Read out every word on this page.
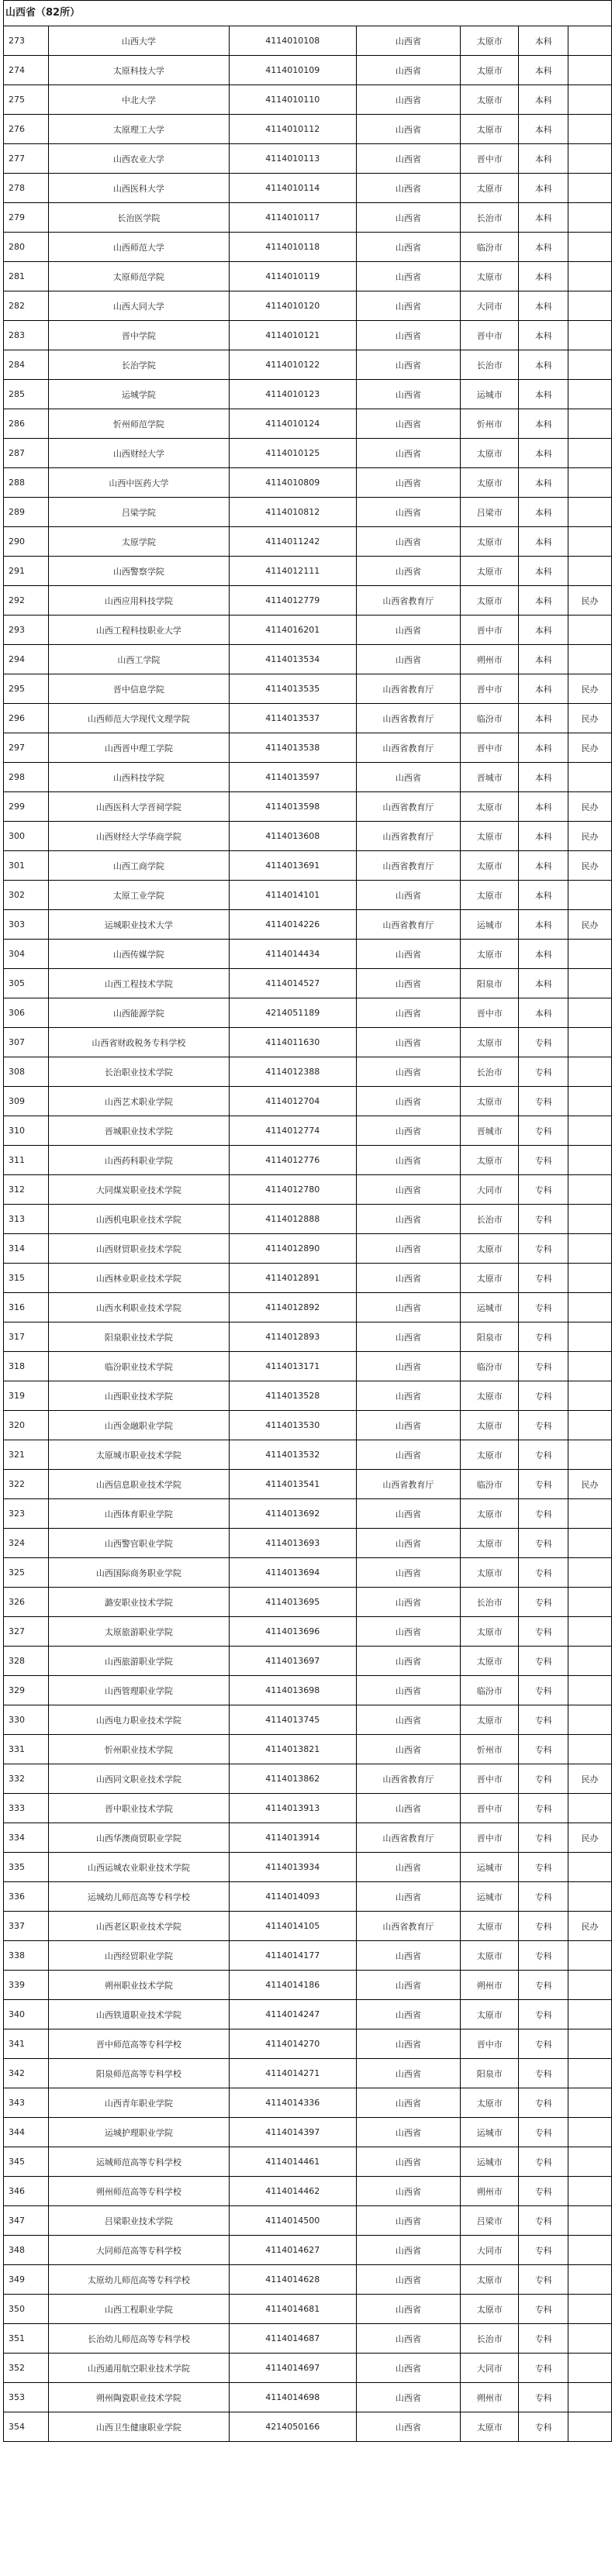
山西省（82所）
273	山西大学	4114010108	山西省	太原市	本科	
274	太原科技大学	4114010109	山西省	太原市	本科	
275	中北大学	4114010110	山西省	太原市	本科	
276	太原理工大学	4114010112	山西省	太原市	本科	
277	山西农业大学	4114010113	山西省	晋中市	本科	
278	山西医科大学	4114010114	山西省	太原市	本科	
279	长治医学院	4114010117	山西省	长治市	本科	
280	山西师范大学	4114010118	山西省	临汾市	本科	
281	太原师范学院	4114010119	山西省	太原市	本科	
282	山西大同大学	4114010120	山西省	大同市	本科	
283	晋中学院	4114010121	山西省	晋中市	本科	
284	长治学院	4114010122	山西省	长治市	本科	
285	运城学院	4114010123	山西省	运城市	本科	
286	忻州师范学院	4114010124	山西省	忻州市	本科	
287	山西财经大学	4114010125	山西省	太原市	本科	
288	山西中医药大学	4114010809	山西省	太原市	本科	
289	吕梁学院	4114010812	山西省	吕梁市	本科	
290	太原学院	4114011242	山西省	太原市	本科	
291	山西警察学院	4114012111	山西省	太原市	本科	
292	山西应用科技学院	4114012779	山西省教育厅	太原市	本科	民办
293	山西工程科技职业大学	4114016201	山西省	晋中市	本科	
294	山西工学院	4114013534	山西省	朔州市	本科	
295	晋中信息学院	4114013535	山西省教育厅	晋中市	本科	民办
296	山西师范大学现代文理学院	4114013537	山西省教育厅	临汾市	本科	民办
297	山西晋中理工学院	4114013538	山西省教育厅	晋中市	本科	民办
298	山西科技学院	4114013597	山西省	晋城市	本科	
299	山西医科大学晋祠学院	4114013598	山西省教育厅	太原市	本科	民办
300	山西财经大学华商学院	4114013608	山西省教育厅	太原市	本科	民办
301	山西工商学院	4114013691	山西省教育厅	太原市	本科	民办
302	太原工业学院	4114014101	山西省	太原市	本科	
303	运城职业技术大学	4114014226	山西省教育厅	运城市	本科	民办
304	山西传媒学院	4114014434	山西省	太原市	本科	
305	山西工程技术学院	4114014527	山西省	阳泉市	本科	
306	山西能源学院	4214051189	山西省	晋中市	本科	
307	山西省财政税务专科学校	4114011630	山西省	太原市	专科	
308	长治职业技术学院	4114012388	山西省	长治市	专科	
309	山西艺术职业学院	4114012704	山西省	太原市	专科	
310	晋城职业技术学院	4114012774	山西省	晋城市	专科	
311	山西药科职业学院	4114012776	山西省	太原市	专科	
312	大同煤炭职业技术学院	4114012780	山西省	大同市	专科	
313	山西机电职业技术学院	4114012888	山西省	长治市	专科	
314	山西财贸职业技术学院	4114012890	山西省	太原市	专科	
315	山西林业职业技术学院	4114012891	山西省	太原市	专科	
316	山西水利职业技术学院	4114012892	山西省	运城市	专科	
317	阳泉职业技术学院	4114012893	山西省	阳泉市	专科	
318	临汾职业技术学院	4114013171	山西省	临汾市	专科	
319	山西职业技术学院	4114013528	山西省	太原市	专科	
320	山西金融职业学院	4114013530	山西省	太原市	专科	
321	太原城市职业技术学院	4114013532	山西省	太原市	专科	
322	山西信息职业技术学院	4114013541	山西省教育厅	临汾市	专科	民办
323	山西体育职业学院	4114013692	山西省	太原市	专科	
324	山西警官职业学院	4114013693	山西省	太原市	专科	
325	山西国际商务职业学院	4114013694	山西省	太原市	专科	
326	潞安职业技术学院	4114013695	山西省	长治市	专科	
327	太原旅游职业学院	4114013696	山西省	太原市	专科	
328	山西旅游职业学院	4114013697	山西省	太原市	专科	
329	山西管理职业学院	4114013698	山西省	临汾市	专科	
330	山西电力职业技术学院	4114013745	山西省	太原市	专科	
331	忻州职业技术学院	4114013821	山西省	忻州市	专科	
332	山西同文职业技术学院	4114013862	山西省教育厅	晋中市	专科	民办
333	晋中职业技术学院	4114013913	山西省	晋中市	专科	
334	山西华澳商贸职业学院	4114013914	山西省教育厅	晋中市	专科	民办
335	山西运城农业职业技术学院	4114013934	山西省	运城市	专科	
336	运城幼儿师范高等专科学校	4114014093	山西省	运城市	专科	
337	山西老区职业技术学院	4114014105	山西省教育厅	太原市	专科	民办
338	山西经贸职业学院	4114014177	山西省	太原市	专科	
339	朔州职业技术学院	4114014186	山西省	朔州市	专科	
340	山西铁道职业技术学院	4114014247	山西省	太原市	专科	
341	晋中师范高等专科学校	4114014270	山西省	晋中市	专科	
342	阳泉师范高等专科学校	4114014271	山西省	阳泉市	专科	
343	山西青年职业学院	4114014336	山西省	太原市	专科	
344	运城护理职业学院	4114014397	山西省	运城市	专科	
345	运城师范高等专科学校	4114014461	山西省	运城市	专科	
346	朔州师范高等专科学校	4114014462	山西省	朔州市	专科	
347	吕梁职业技术学院	4114014500	山西省	吕梁市	专科	
348	大同师范高等专科学校	4114014627	山西省	大同市	专科	
349	太原幼儿师范高等专科学校	4114014628	山西省	太原市	专科	
350	山西工程职业学院	4114014681	山西省	太原市	专科	
351	长治幼儿师范高等专科学校	4114014687	山西省	长治市	专科	
352	山西通用航空职业技术学院	4114014697	山西省	大同市	专科	
353	朔州陶瓷职业技术学院	4114014698	山西省	朔州市	专科	
354	山西卫生健康职业学院	4214050166	山西省	太原市	专科	
